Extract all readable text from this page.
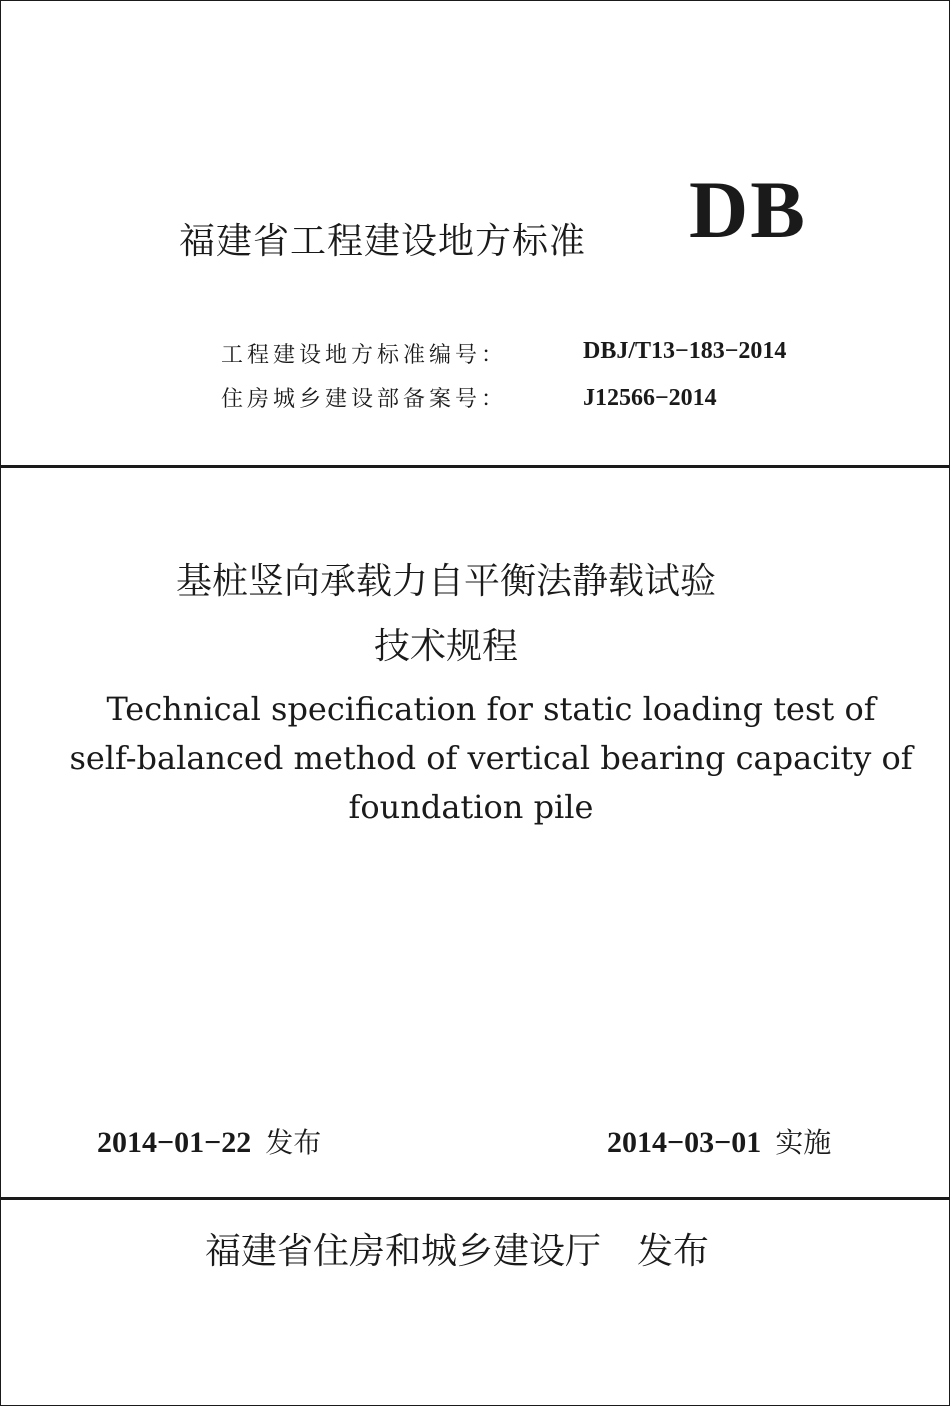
福建省工程建设地方标准 DB
工程建设地方标准编号：	DBJ/T13−183−2014
住房城乡建设部备案号：	J12566−2014
基桩竖向承载力自平衡法静载试验
技术规程
Technical specification for static loading test of
self-balanced method of vertical bearing capacity of
foundation pile
2014−01−22 发布	2014−03−01 实施
福建省住房和城乡建设厅 发布
